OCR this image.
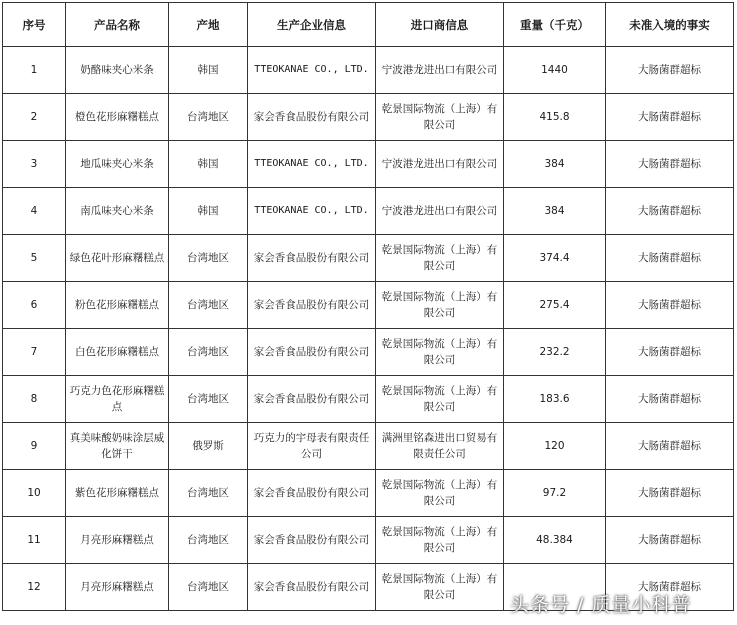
序号	产品名称	产地	生产企业信息	进口商信息	重量（千克）	未准入境的事实
1	奶酪味夹心米条	韩国	TTEOKANAE CO., LTD.	宁波港龙进出口有限公司	1440	大肠菌群超标
2	橙色花形麻糬糕点	台湾地区	家会香食品股份有限公司	乾景国际物流（上海）有限公司	415.8	大肠菌群超标
3	地瓜味夹心米条	韩国	TTEOKANAE CO., LTD.	宁波港龙进出口有限公司	384	大肠菌群超标
4	南瓜味夹心米条	韩国	TTEOKANAE CO., LTD.	宁波港龙进出口有限公司	384	大肠菌群超标
5	绿色花叶形麻糬糕点	台湾地区	家会香食品股份有限公司	乾景国际物流（上海）有限公司	374.4	大肠菌群超标
6	粉色花形麻糬糕点	台湾地区	家会香食品股份有限公司	乾景国际物流（上海）有限公司	275.4	大肠菌群超标
7	白色花形麻糬糕点	台湾地区	家会香食品股份有限公司	乾景国际物流（上海）有限公司	232.2	大肠菌群超标
8	巧克力色花形麻糬糕点	台湾地区	家会香食品股份有限公司	乾景国际物流（上海）有限公司	183.6	大肠菌群超标
9	真美味酸奶味涂层威化饼干	俄罗斯	巧克力的宇母表有限责任公司	满洲里铭森进出口贸易有限责任公司	120	大肠菌群超标
10	紫色花形麻糬糕点	台湾地区	家会香食品股份有限公司	乾景国际物流（上海）有限公司	97.2	大肠菌群超标
11	月亮形麻糬糕点	台湾地区	家会香食品股份有限公司	乾景国际物流（上海）有限公司	48.384	大肠菌群超标
12	月亮形麻糬糕点	台湾地区	家会香食品股份有限公司	乾景国际物流（上海）有限公司		大肠菌群超标
头条号 / 质量小科普
